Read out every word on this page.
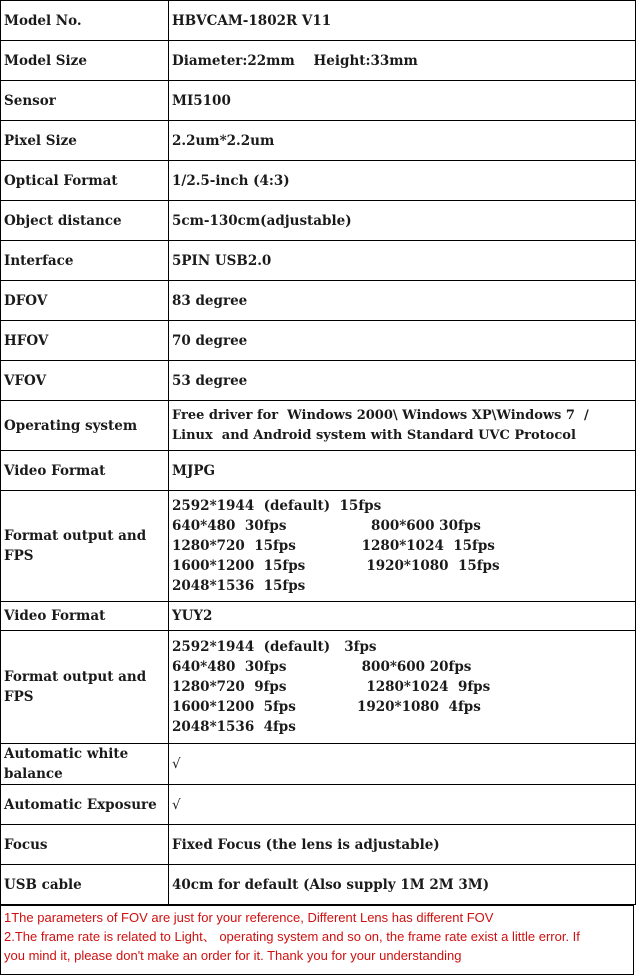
Model No.	HBVCAM-1802R V11
Model Size	Diameter:22mm    Height:33mm
Sensor	MI5100
Pixel Size	2.2um*2.2um
Optical Format	1/2.5-inch (4:3)
Object distance	5cm-130cm(adjustable)
Interface	5PIN USB2.0
DFOV	83 degree
HFOV	70 degree
VFOV	53 degree
Operating system	Free driver for  Windows 2000\ Windows XP\Windows 7  /
Linux  and Android system with Standard UVC Protocol
Video Format	MJPG
Format output and FPS	2592*1944  (default)  15fps
640*480  30fps                  800*600 30fps
1280*720  15fps              1280*1024  15fps
1600*1200  15fps             1920*1080  15fps
2048*1536  15fps
Video Format	YUY2
Format output and FPS	2592*1944  (default)   3fps
640*480  30fps                800*600 20fps
1280*720  9fps                 1280*1024  9fps
1600*1200  5fps             1920*1080  4fps
2048*1536  4fps
Automatic white balance	√
Automatic Exposure	√
Focus	Fixed Focus (the lens is adjustable)
USB cable	40cm for default (Also supply 1M 2M 3M)
1The parameters of FOV are just for your reference, Different Lens has different FOV
2.The frame rate is related to Light、 operating system and so on, the frame rate exist a little error. If
you mind it, please don't make an order for it. Thank you for your understanding
